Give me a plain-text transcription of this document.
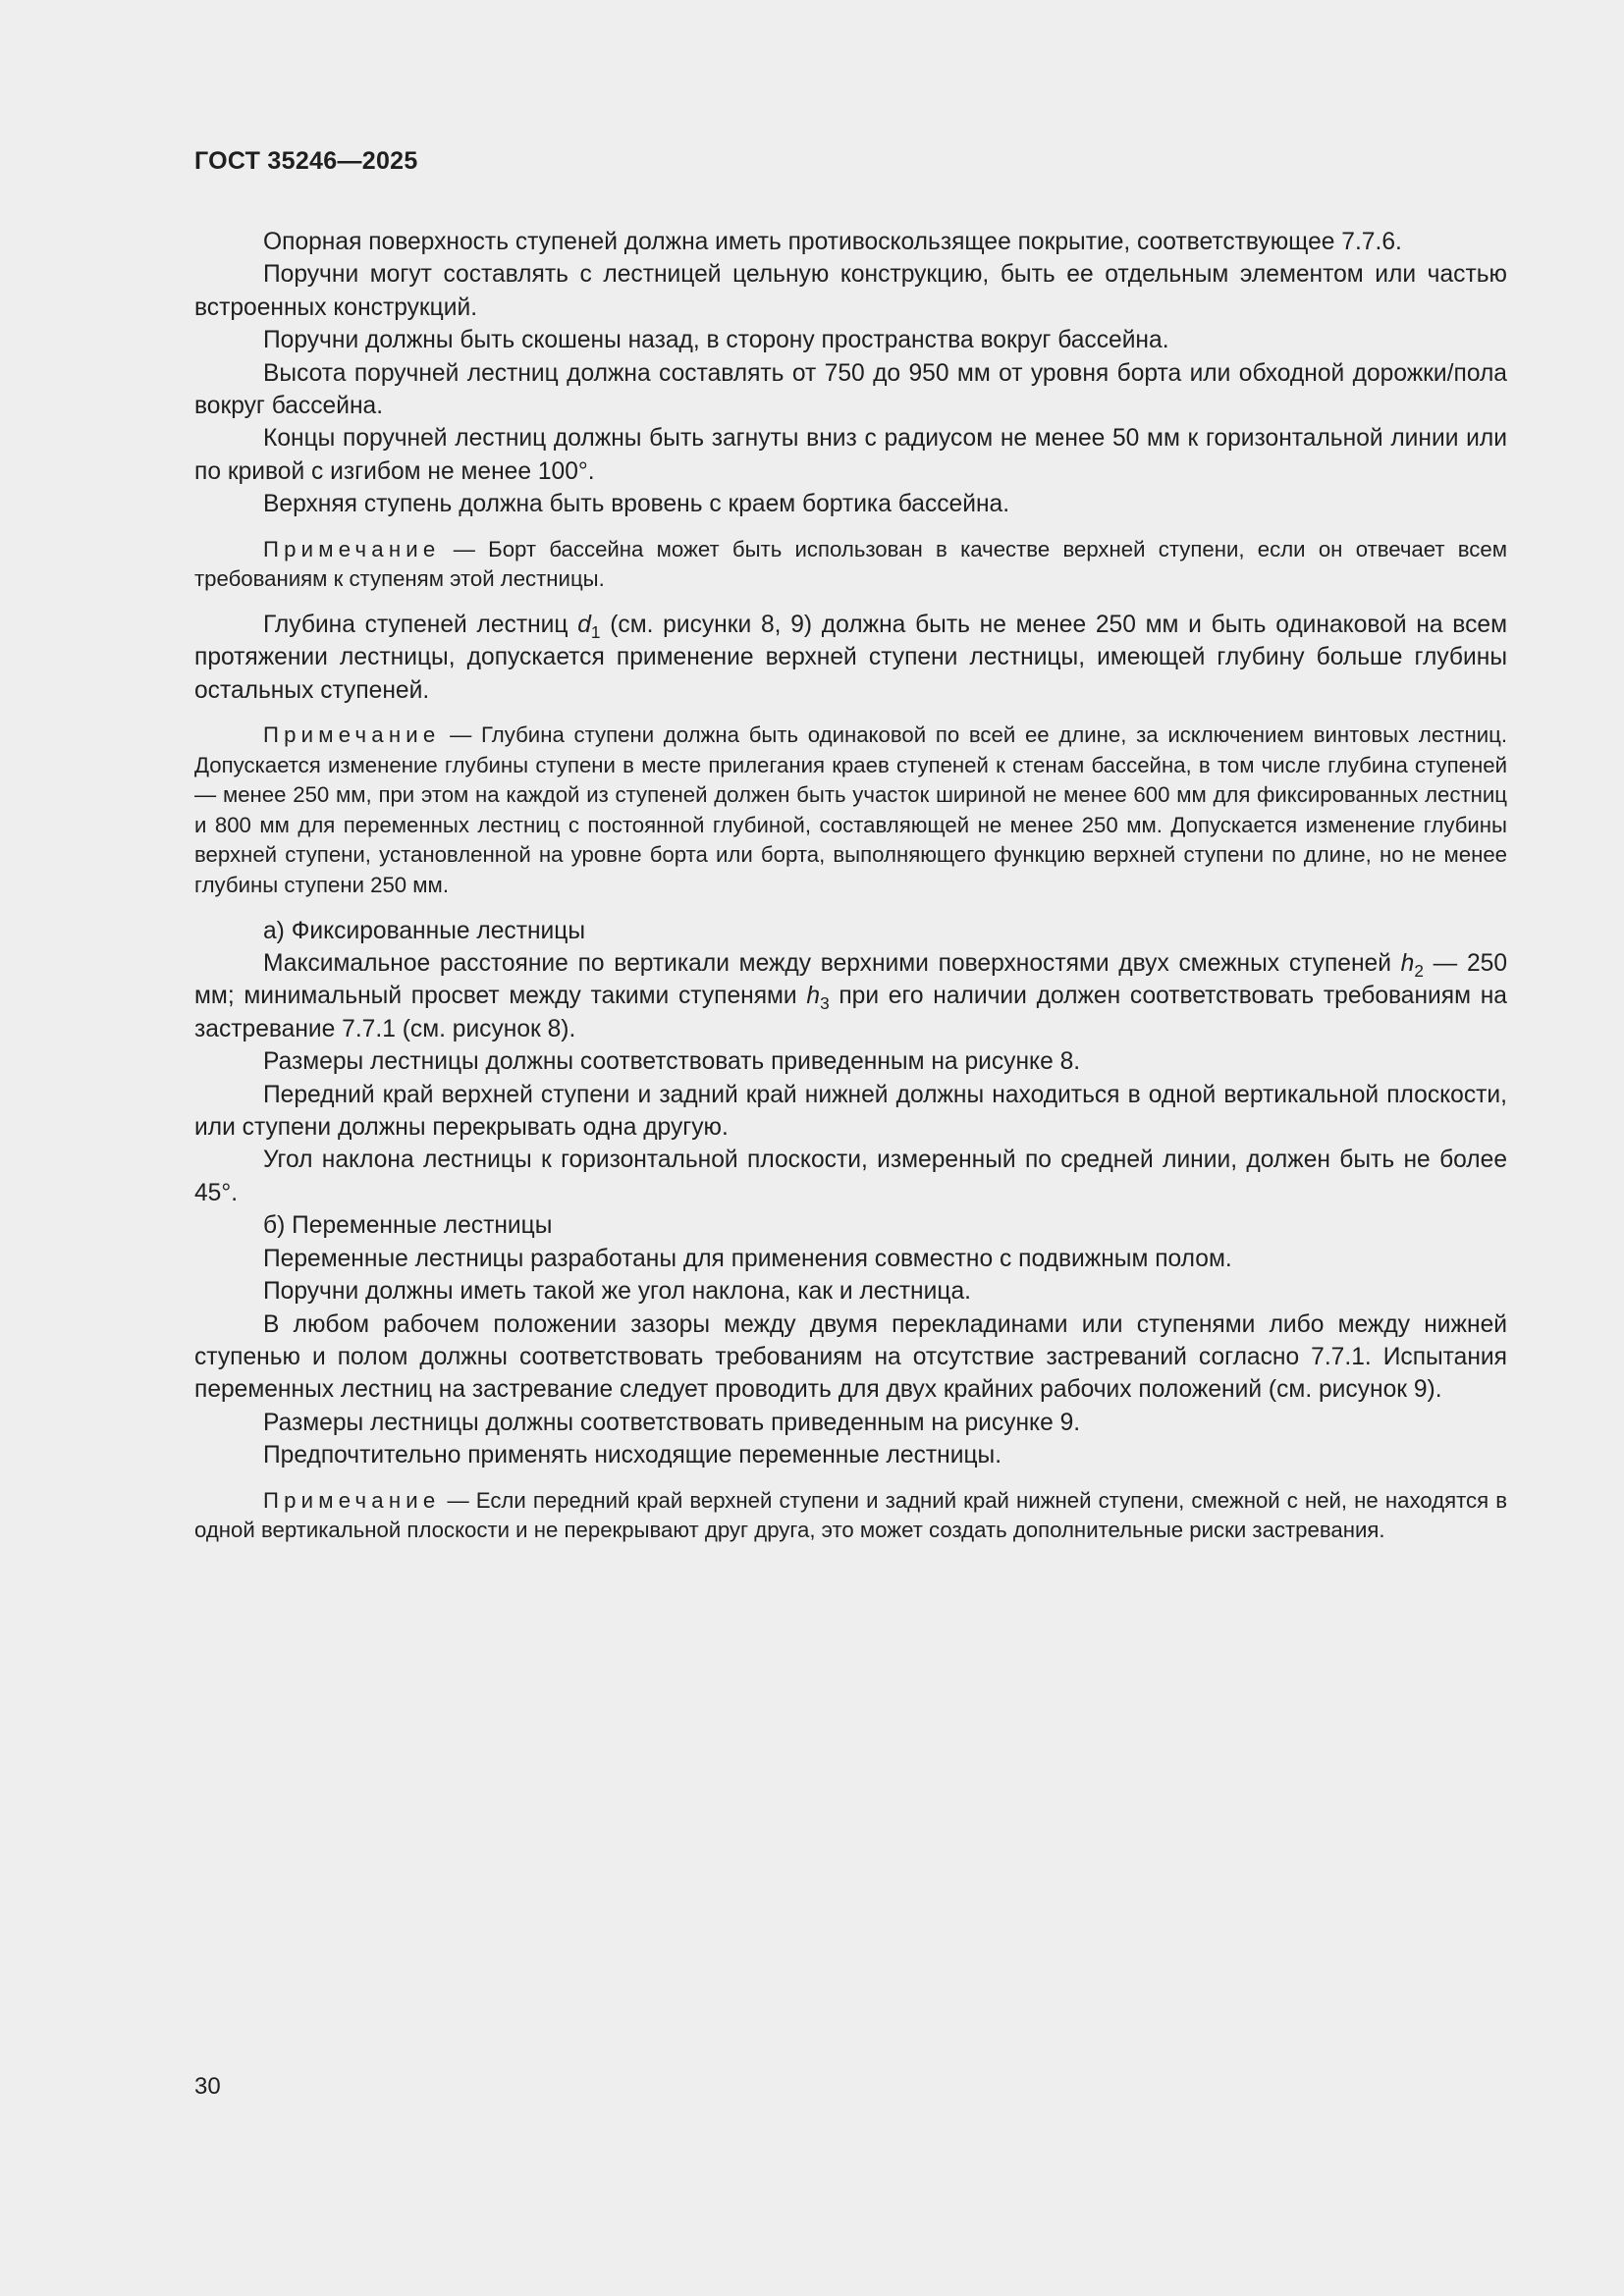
ГОСТ 35246—2025

Опорная поверхность ступеней должна иметь противоскользящее покрытие, соответствующее 7.7.6.

Поручни могут составлять с лестницей цельную конструкцию, быть ее отдельным элементом или частью встроенных конструкций.

Поручни должны быть скошены назад, в сторону пространства вокруг бассейна.

Высота поручней лестниц должна составлять от 750 до 950 мм от уровня борта или обходной дорожки/пола вокруг бассейна.

Концы поручней лестниц должны быть загнуты вниз с радиусом не менее 50 мм к горизонтальной линии или по кривой с изгибом не менее 100°.

Верхняя ступень должна быть вровень с краем бортика бассейна.

Примечание — Борт бассейна может быть использован в качестве верхней ступени, если он отвечает всем требованиям к ступеням этой лестницы.

Глубина ступеней лестниц $d_1$ (см. рисунки 8, 9) должна быть не менее 250 мм и быть одинаковой на всем протяжении лестницы, допускается применение верхней ступени лестницы, имеющей глубину больше глубины остальных ступеней.

Примечание — Глубина ступени должна быть одинаковой по всей ее длине, за исключением винтовых лестниц. Допускается изменение глубины ступени в месте прилегания краев ступеней к стенам бассейна, в том числе глубина ступеней — менее 250 мм, при этом на каждой из ступеней должен быть участок шириной не менее 600 мм для фиксированных лестниц и 800 мм для переменных лестниц с постоянной глубиной, составляющей не менее 250 мм. Допускается изменение глубины верхней ступени, установленной на уровне борта или борта, выполняющего функцию верхней ступени по длине, но не менее глубины ступени 250 мм.

а) Фиксированные лестницы

Максимальное расстояние по вертикали между верхними поверхностями двух смежных ступеней $h_2$ — 250 мм; минимальный просвет между такими ступенями $h_3$ при его наличии должен соответствовать требованиям на застревание 7.7.1 (см. рисунок 8).

Размеры лестницы должны соответствовать приведенным на рисунке 8.

Передний край верхней ступени и задний край нижней должны находиться в одной вертикальной плоскости, или ступени должны перекрывать одна другую.

Угол наклона лестницы к горизонтальной плоскости, измеренный по средней линии, должен быть не более 45°.

б) Переменные лестницы

Переменные лестницы разработаны для применения совместно с подвижным полом.

Поручни должны иметь такой же угол наклона, как и лестница.

В любом рабочем положении зазоры между двумя перекладинами или ступенями либо между нижней ступенью и полом должны соответствовать требованиям на отсутствие застреваний согласно 7.7.1. Испытания переменных лестниц на застревание следует проводить для двух крайних рабочих положений (см. рисунок 9).

Размеры лестницы должны соответствовать приведенным на рисунке 9.

Предпочтительно применять нисходящие переменные лестницы.

Примечание — Если передний край верхней ступени и задний край нижней ступени, смежной с ней, не находятся в одной вертикальной плоскости и не перекрывают друг друга, это может создать дополнительные риски застревания.

30
